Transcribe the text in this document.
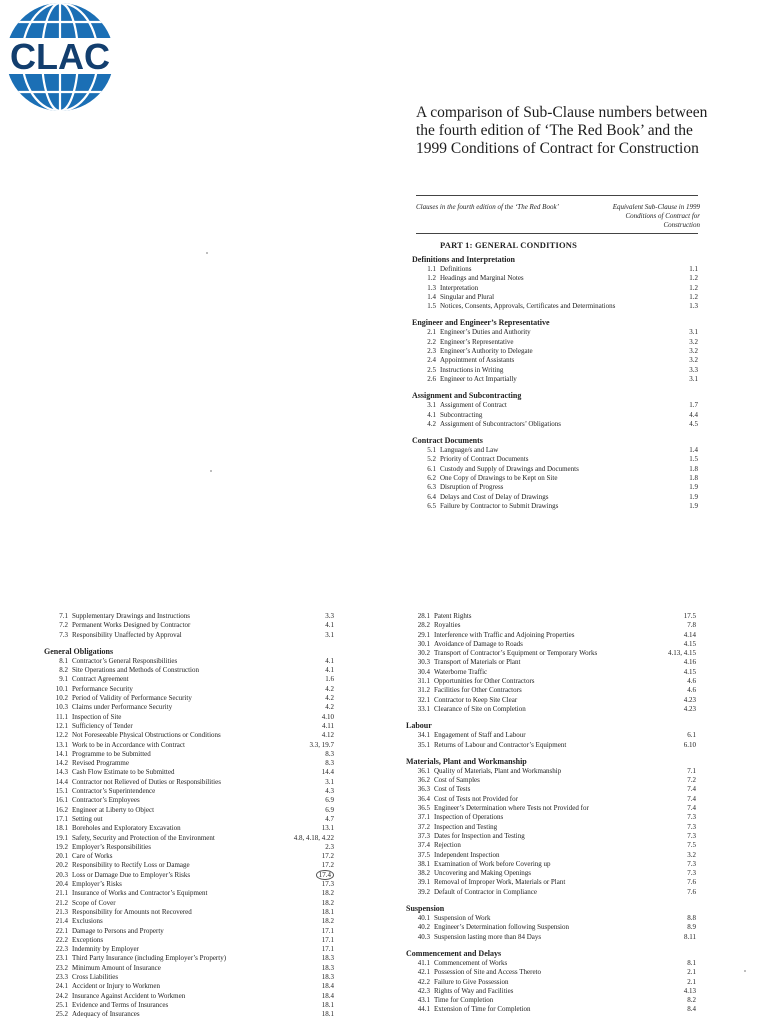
CLAC
A comparison of Sub-Clause numbers between the fourth edition of ‘The Red Book’ and the 1999 Conditions of Contract for Construction
Clauses in the fourth edition of the ‘The Red Book’	Equivalent Sub-Clause in 1999 Conditions of Contract for Construction
PART 1: GENERAL CONDITIONS
Definitions and Interpretation
1.1 Definitions	1.1
1.2 Headings and Marginal Notes	1.2
1.3 Interpretation	1.2
1.4 Singular and Plural	1.2
1.5 Notices, Consents, Approvals, Certificates and Determinations	1.3
Engineer and Engineer’s Representative
2.1 Engineer’s Duties and Authority	3.1
2.2 Engineer’s Representative	3.2
2.3 Engineer’s Authority to Delegate	3.2
2.4 Appointment of Assistants	3.2
2.5 Instructions in Writing	3.3
2.6 Engineer to Act Impartially	3.1
Assignment and Subcontracting
3.1 Assignment of Contract	1.7
4.1 Subcontracting	4.4
4.2 Assignment of Subcontractors’ Obligations	4.5
Contract Documents
5.1 Language/s and Law	1.4
5.2 Priority of Contract Documents	1.5
6.1 Custody and Supply of Drawings and Documents	1.8
6.2 One Copy of Drawings to be Kept on Site	1.8
6.3 Disruption of Progress	1.9
6.4 Delays and Cost of Delay of Drawings	1.9
6.5 Failure by Contractor to Submit Drawings	1.9
7.1 Supplementary Drawings and Instructions	3.3
7.2 Permanent Works Designed by Contractor	4.1
7.3 Responsibility Unaffected by Approval	3.1
General Obligations
8.1 Contractor’s General Responsibilities	4.1
8.2 Site Operations and Methods of Construction	4.1
9.1 Contract Agreement	1.6
10.1 Performance Security	4.2
10.2 Period of Validity of Performance Security	4.2
10.3 Claims under Performance Security	4.2
11.1 Inspection of Site	4.10
12.1 Sufficiency of Tender	4.11
12.2 Not Foreseeable Physical Obstructions or Conditions	4.12
13.1 Work to be in Accordance with Contract	3.3, 19.7
14.1 Programme to be Submitted	8.3
14.2 Revised Programme	8.3
14.3 Cash Flow Estimate to be Submitted	14.4
14.4 Contractor not Relieved of Duties or Responsibilities	3.1
15.1 Contractor’s Superintendence	4.3
16.1 Contractor’s Employees	6.9
16.2 Engineer at Liberty to Object	6.9
17.1 Setting out	4.7
18.1 Boreholes and Exploratory Excavation	13.1
19.1 Safety, Security and Protection of the Environment	4.8, 4.18, 4.22
19.2 Employer’s Responsibilities	2.3
20.1 Care of Works	17.2
20.2 Responsibility to Rectify Loss or Damage	17.2
20.3 Loss or Damage Due to Employer’s Risks	17.4
20.4 Employer’s Risks	17.3
21.1 Insurance of Works and Contractor’s Equipment	18.2
21.2 Scope of Cover	18.2
21.3 Responsibility for Amounts not Recovered	18.1
21.4 Exclusions	18.2
22.1 Damage to Persons and Property	17.1
22.2 Exceptions	17.1
22.3 Indemnity by Employer	17.1
23.1 Third Party Insurance (including Employer’s Property)	18.3
23.2 Minimum Amount of Insurance	18.3
23.3 Cross Liabilities	18.3
24.1 Accident or Injury to Workmen	18.4
24.2 Insurance Against Accident to Workmen	18.4
25.1 Evidence and Terms of Insurances	18.1
25.2 Adequacy of Insurances	18.1
28.1 Patent Rights	17.5
28.2 Royalties	7.8
29.1 Interference with Traffic and Adjoining Properties	4.14
30.1 Avoidance of Damage to Roads	4.15
30.2 Transport of Contractor’s Equipment or Temporary Works	4.13, 4.15
30.3 Transport of Materials or Plant	4.16
30.4 Waterborne Traffic	4.15
31.1 Opportunities for Other Contractors	4.6
31.2 Facilities for Other Contractors	4.6
32.1 Contractor to Keep Site Clear	4.23
33.1 Clearance of Site on Completion	4.23
Labour
34.1 Engagement of Staff and Labour	6.1
35.1 Returns of Labour and Contractor’s Equipment	6.10
Materials, Plant and Workmanship
36.1 Quality of Materials, Plant and Workmanship	7.1
36.2 Cost of Samples	7.2
36.3 Cost of Tests	7.4
36.4 Cost of Tests not Provided for	7.4
36.5 Engineer’s Determination where Tests not Provided for	7.4
37.1 Inspection of Operations	7.3
37.2 Inspection and Testing	7.3
37.3 Dates for Inspection and Testing	7.3
37.4 Rejection	7.5
37.5 Independent Inspection	3.2
38.1 Examination of Work before Covering up	7.3
38.2 Uncovering and Making Openings	7.3
39.1 Removal of Improper Work, Materials or Plant	7.6
39.2 Default of Contractor in Compliance	7.6
Suspension
40.1 Suspension of Work	8.8
40.2 Engineer’s Determination following Suspension	8.9
40.3 Suspension lasting more than 84 Days	8.11
Commencement and Delays
41.1 Commencement of Works	8.1
42.1 Possession of Site and Access Thereto	2.1
42.2 Failure to Give Possession	2.1
42.3 Rights of Way and Facilities	4.13
43.1 Time for Completion	8.2
44.1 Extension of Time for Completion	8.4
